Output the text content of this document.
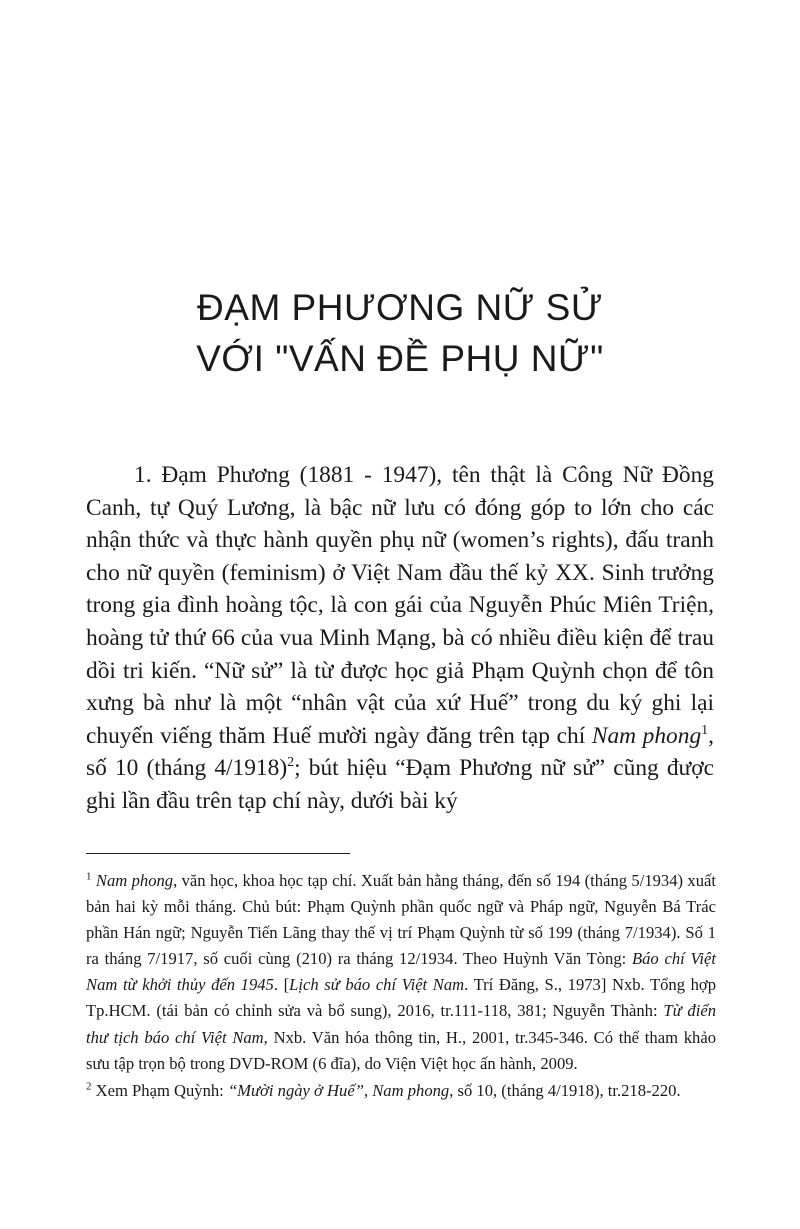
ĐẠM PHƯƠNG NỮ SỬ
VỚI "VẤN ĐỀ PHỤ NỮ"

1. Đạm Phương (1881 - 1947), tên thật là Công Nữ Đồng Canh, tự Quý Lương, là bậc nữ lưu có đóng góp to lớn cho các nhận thức và thực hành quyền phụ nữ (women’s rights), đấu tranh cho nữ quyền (feminism) ở Việt Nam đầu thế kỷ XX. Sinh trưởng trong gia đình hoàng tộc, là con gái của Nguyễn Phúc Miên Triện, hoàng tử thứ 66 của vua Minh Mạng, bà có nhiều điều kiện để trau dồi tri kiến. “Nữ sử” là từ được học giả Phạm Quỳnh chọn để tôn xưng bà như là một “nhân vật của xứ Huế” trong du ký ghi lại chuyến viếng thăm Huế mười ngày đăng trên tạp chí Nam phong$^1$, số 10 (tháng 4/1918)$^2$; bút hiệu “Đạm Phương nữ sử” cũng được ghi lần đầu trên tạp chí này, dưới bài ký

$^1$ Nam phong, văn học, khoa học tạp chí. Xuất bản hằng tháng, đến số 194 (tháng 5/1934) xuất bản hai kỳ mỗi tháng. Chủ bút: Phạm Quỳnh phần quốc ngữ và Pháp ngữ, Nguyễn Bá Trác phần Hán ngữ; Nguyễn Tiến Lãng thay thế vị trí Phạm Quỳnh từ số 199 (tháng 7/1934). Số 1 ra tháng 7/1917, số cuối cùng (210) ra tháng 12/1934. Theo Huỳnh Văn Tòng: Báo chí Việt Nam từ khởi thủy đến 1945. [Lịch sử báo chí Việt Nam. Trí Đăng, S., 1973] Nxb. Tổng hợp Tp.HCM. (tái bản có chỉnh sửa và bổ sung), 2016, tr.111-118, 381; Nguyễn Thành: Từ điển thư tịch báo chí Việt Nam, Nxb. Văn hóa thông tin, H., 2001, tr.345-346. Có thể tham khảo sưu tập trọn bộ trong DVD-ROM (6 đĩa), do Viện Việt học ấn hành, 2009.

$^2$ Xem Phạm Quỳnh: “Mười ngày ở Huế”, Nam phong, số 10, (tháng 4/1918), tr.218-220.
